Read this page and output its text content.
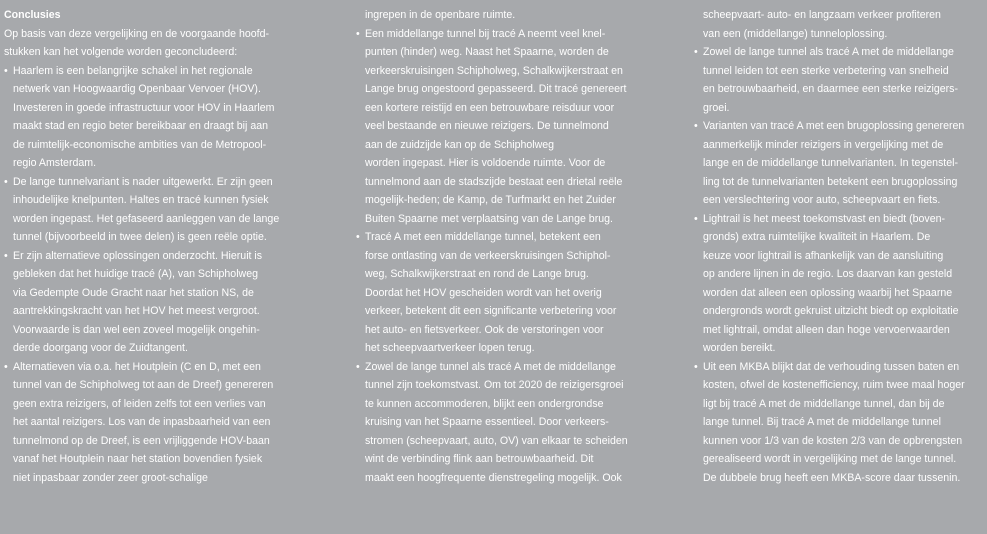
Conclusies
Op basis van deze vergelijking en de voorgaande hoofd-
stukken kan het volgende worden geconcludeerd:
• Haarlem is een belangrijke schakel in het regionale
netwerk van Hoogwaardig Openbaar Vervoer (HOV).
Investeren in goede infrastructuur voor HOV in Haarlem
maakt stad en regio beter bereikbaar en draagt bij aan
de ruimtelijk-economische ambities van de Metropool-
regio Amsterdam.
• De lange tunnelvariant is nader uitgewerkt. Er zijn geen
inhoudelijke knelpunten. Haltes en tracé kunnen fysiek
worden ingepast. Het gefaseerd aanleggen van de lange
tunnel (bijvoorbeeld in twee delen) is geen reële optie.
• Er zijn alternatieve oplossingen onderzocht. Hieruit is
gebleken dat het huidige tracé (A), van Schipholweg
via Gedempte Oude Gracht naar het station NS, de
aantrekkingskracht van het HOV het meest vergroot.
Voorwaarde is dan wel een zoveel mogelijk ongehin-
derde doorgang voor de Zuidtangent.
• Alternatieven via o.a. het Houtplein (C en D, met een
tunnel van de Schipholweg tot aan de Dreef) genereren
geen extra reizigers, of leiden zelfs tot een verlies van
het aantal reizigers. Los van de inpasbaarheid van een
tunnelmond op de Dreef, is een vrijliggende HOV-baan
vanaf het Houtplein naar het station bovendien fysiek
niet inpasbaar zonder zeer groot-schalige
ingrepen in de openbare ruimte.
• Een middellange tunnel bij tracé A neemt veel knel-
punten (hinder) weg. Naast het Spaarne, worden de
verkeerskruisingen Schipholweg, Schalkwijkerstraat en
Lange brug ongestoord gepasseerd. Dit tracé genereert
een kortere reistijd en een betrouwbare reisduur voor
veel bestaande en nieuwe reizigers. De tunnelmond
aan de zuidzijde kan op de Schipholweg
worden ingepast. Hier is voldoende ruimte. Voor de
tunnelmond aan de stadszijde bestaat een drietal reële
mogelijk-heden; de Kamp, de Turfmarkt en het Zuider
Buiten Spaarne met verplaatsing van de Lange brug.
• Tracé A met een middellange tunnel, betekent een
forse ontlasting van de verkeerskruisingen Schiphol-
weg, Schalkwijkerstraat en rond de Lange brug.
Doordat het HOV gescheiden wordt van het overig
verkeer, betekent dit een significante verbetering voor
het auto- en fietsverkeer. Ook de verstoringen voor
het scheepvaartverkeer lopen terug.
• Zowel de lange tunnel als tracé A met de middellange
tunnel zijn toekomstvast. Om tot 2020 de reizigersgroei
te kunnen accommoderen, blijkt een ondergrondse
kruising van het Spaarne essentieel. Door verkeers-
stromen (scheepvaart, auto, OV) van elkaar te scheiden
wint de verbinding flink aan betrouwbaarheid. Dit
maakt een hoogfrequente dienstregeling mogelijk. Ook
scheepvaart- auto- en langzaam verkeer profiteren
van een (middellange) tunneloplossing.
• Zowel de lange tunnel als tracé A met de middellange
tunnel leiden tot een sterke verbetering van snelheid
en betrouwbaarheid, en daarmee een sterke reizigers-
groei.
• Varianten van tracé A met een brugoplossing genereren
aanmerkelijk minder reizigers in vergelijking met de
lange en de middellange tunnelvarianten. In tegenstel-
ling tot de tunnelvarianten betekent een brugoplossing
een verslechtering voor auto, scheepvaart en fiets.
• Lightrail is het meest toekomstvast en biedt (boven-
gronds) extra ruimtelijke kwaliteit in Haarlem. De
keuze voor lightrail is afhankelijk van de aansluiting
op andere lijnen in de regio. Los daarvan kan gesteld
worden dat alleen een oplossing waarbij het Spaarne
ondergronds wordt gekruist uitzicht biedt op exploitatie
met lightrail, omdat alleen dan hoge vervoerwaarden
worden bereikt.
• Uit een MKBA blijkt dat de verhouding tussen baten en
kosten, ofwel de kostenefficiency, ruim twee maal hoger
ligt bij tracé A met de middellange tunnel, dan bij de
lange tunnel. Bij tracé A met de middellange tunnel
kunnen voor 1/3 van de kosten 2/3 van de opbrengsten
gerealiseerd wordt in vergelijking met de lange tunnel.
De dubbele brug heeft een MKBA-score daar tussenin.
